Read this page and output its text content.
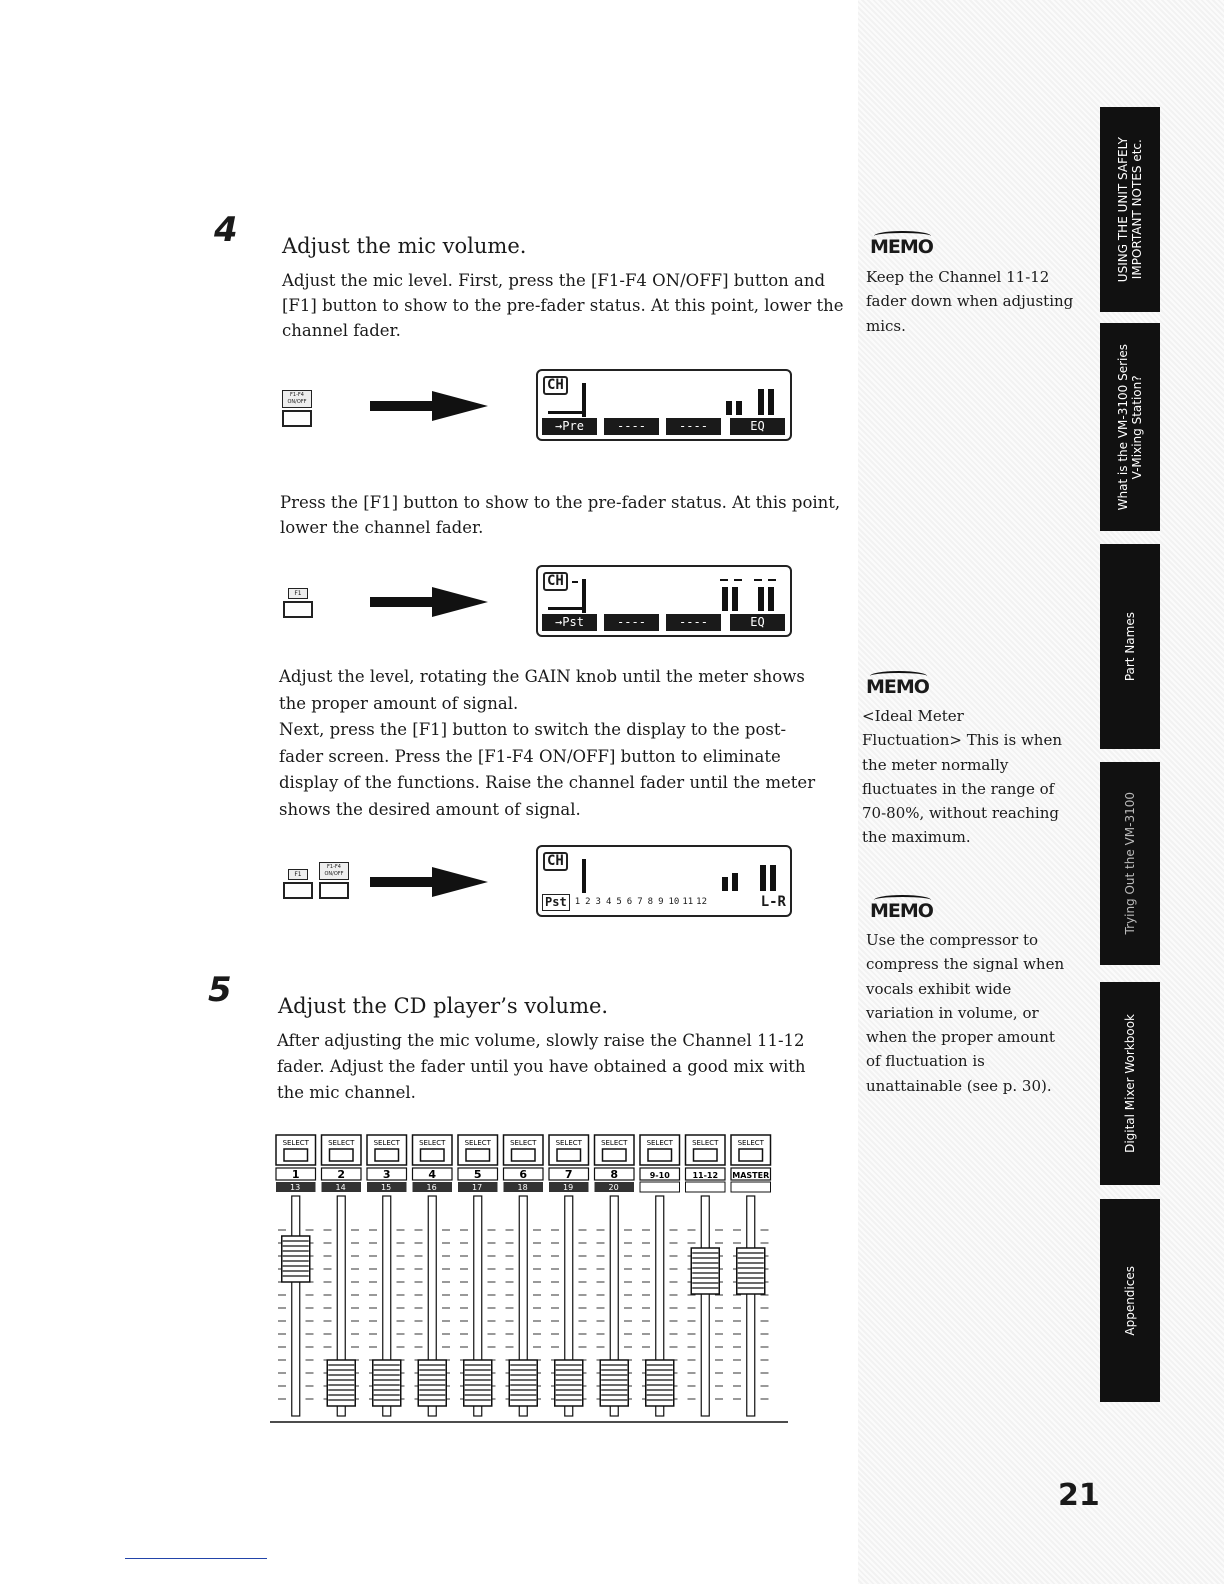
4 Adjust the mic volume.
Adjust the mic level. First, press the [F1-F4 ON/OFF] button and [F1] button to show to the pre-fader status. At this point, lower the channel fader.
F1-F4 ON/OFF
CH
→Pre	----	----	EQ
Press the [F1] button to show to the pre-fader status. At this point, lower the channel fader.
F1
CH
→Pst	----	----	EQ
Adjust the level, rotating the GAIN knob until the meter shows the proper amount of signal.
Next, press the [F1] button to switch the display to the post-fader screen. Press the [F1-F4 ON/OFF] button to eliminate display of the functions. Raise the channel fader until the meter shows the desired amount of signal.
F1
F1-F4 ON/OFF
CH
Pst 1 2 3 4 5 6 7 8 9 10 11 12	L-R
5 Adjust the CD player’s volume.
After adjusting the mic volume, slowly raise the Channel 11-12 fader. Adjust the fader until you have obtained a good mix with the mic channel.
SELECT
1
13
SELECT
2
14
SELECT
3
15
SELECT
4
16
SELECT
5
17
SELECT
6
18
SELECT
7
19
SELECT
8
20
SELECT
9-10
SELECT
11-12
SELECT
MASTER
MEMO
Keep the Channel 11-12 fader down when adjusting mics.
MEMO
<Ideal Meter Fluctuation> This is when the meter normally fluctuates in the range of 70-80%, without reaching the maximum.
MEMO
Use the compressor to compress the signal when vocals exhibit wide variation in volume, or when the proper amount of fluctuation is unattainable (see p. 30).
USING THE UNIT SAFELY
IMPORTANT NOTES etc.
What is the VM-3100 Series
V-Mixing Station?
Part Names
Trying Out the VM-3100
Digital Mixer Workbook
Appendices
21
